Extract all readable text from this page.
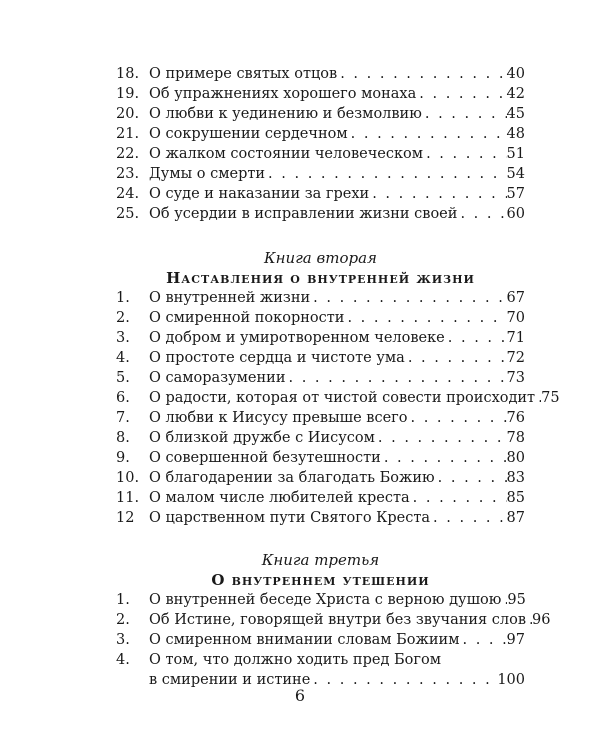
18. О примере святых отцов . . .	40
19. Об упражнениях хорошего монаха . . .	42
20. О любви к уединению и безмолвию . . .	45
21. О сокрушении сердечном . . .	48
22. О жалком состоянии человеческом . . .	51
23. Думы о смерти . . .	54
24. О суде и наказании за грехи . . .	57
25. Об усердии в исправлении жизни своей . . .	60
Книга вторая
Наставления о внутренней жизни
1.	О внутренней жизни . . .	67
2.	О смиренной покорности . . .	70
3.	О добром и умиротворенном человеке . . .	71
4.	О простоте сердца и чистоте ума . . .	72
5.	О саморазумении . . .	73
6.	О радости, которая от чистой совести происходит . . . 75
7.	О любви к Иисусу превыше всего . . .	76
8.	О близкой дружбе с Иисусом . . .	78
9.	О совершенной безутешности . . .	80
10. О благодарении за благодать Божию . . .	83
11. О малом числе любителей креста . . .	85
12	О царственном пути Святого Креста . . .	87
Книга третья
О внутреннем утешении
1.	О внутренней беседе Христа с верною душою . . . 95
2.	Об Истине, говорящей внутри без звучания слов . . . 96
3.	О смиренном внимании словам Божиим . . .	97
4.	О том, что должно ходить пред Богом
в смирении и истине . . .	100
6
